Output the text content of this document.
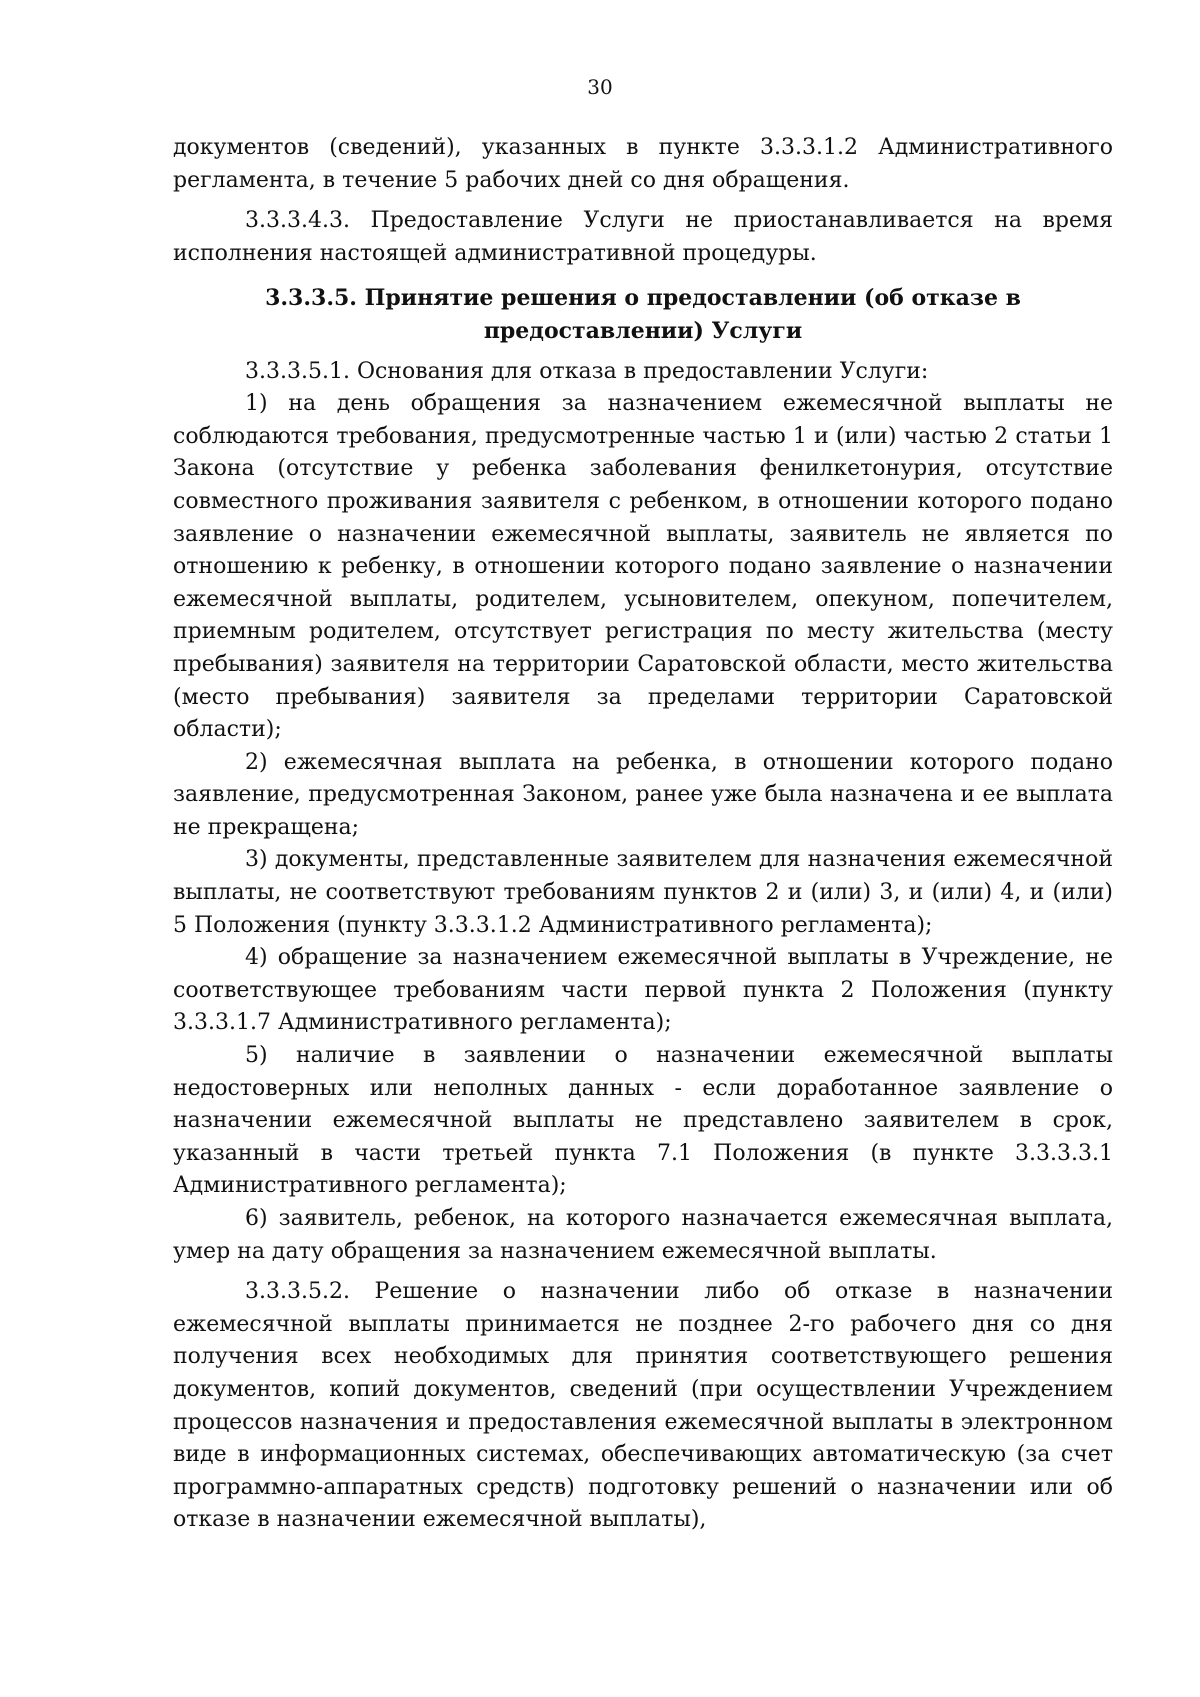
30

документов (сведений), указанных в пункте 3.3.3.1.2 Административного регламента, в течение 5 рабочих дней со дня обращения.

3.3.3.4.3. Предоставление Услуги не приостанавливается на время исполнения настоящей административной процедуры.

3.3.3.5. Принятие решения о предоставлении (об отказе в
предоставлении) Услуги

3.3.3.5.1. Основания для отказа в предоставлении Услуги:

1) на день обращения за назначением ежемесячной выплаты не соблюдаются требования, предусмотренные частью 1 и (или) частью 2 статьи 1 Закона (отсутствие у ребенка заболевания фенилкетонурия, отсутствие совместного проживания заявителя с ребенком, в отношении которого подано заявление о назначении ежемесячной выплаты, заявитель не является по отношению к ребенку, в отношении которого подано заявление о назначении ежемесячной выплаты, родителем, усыновителем, опекуном, попечителем, приемным родителем, отсутствует регистрация по месту жительства (месту пребывания) заявителя на территории Саратовской области, место жительства (место пребывания) заявителя за пределами территории Саратовской области);

2) ежемесячная выплата на ребенка, в отношении которого подано заявление, предусмотренная Законом, ранее уже была назначена и ее выплата не прекращена;

3) документы, представленные заявителем для назначения ежемесячной выплаты, не соответствуют требованиям пунктов 2 и (или) 3, и (или) 4, и (или) 5 Положения (пункту 3.3.3.1.2 Административного регламента);

4) обращение за назначением ежемесячной выплаты в Учреждение, не соответствующее требованиям части первой пункта 2 Положения (пункту 3.3.3.1.7 Административного регламента);

5) наличие в заявлении о назначении ежемесячной выплаты недостоверных или неполных данных - если доработанное заявление о назначении ежемесячной выплаты не представлено заявителем в срок, указанный в части третьей пункта 7.1 Положения (в пункте 3.3.3.3.1 Административного регламента);

6) заявитель, ребенок, на которого назначается ежемесячная выплата, умер на дату обращения за назначением ежемесячной выплаты.

3.3.3.5.2. Решение о назначении либо об отказе в назначении ежемесячной выплаты принимается не позднее 2-го рабочего дня со дня получения всех необходимых для принятия соответствующего решения документов, копий документов, сведений (при осуществлении Учреждением процессов назначения и предоставления ежемесячной выплаты в электронном виде в информационных системах, обеспечивающих автоматическую (за счет программно-аппаратных средств) подготовку решений о назначении или об отказе в назначении ежемесячной выплаты),
